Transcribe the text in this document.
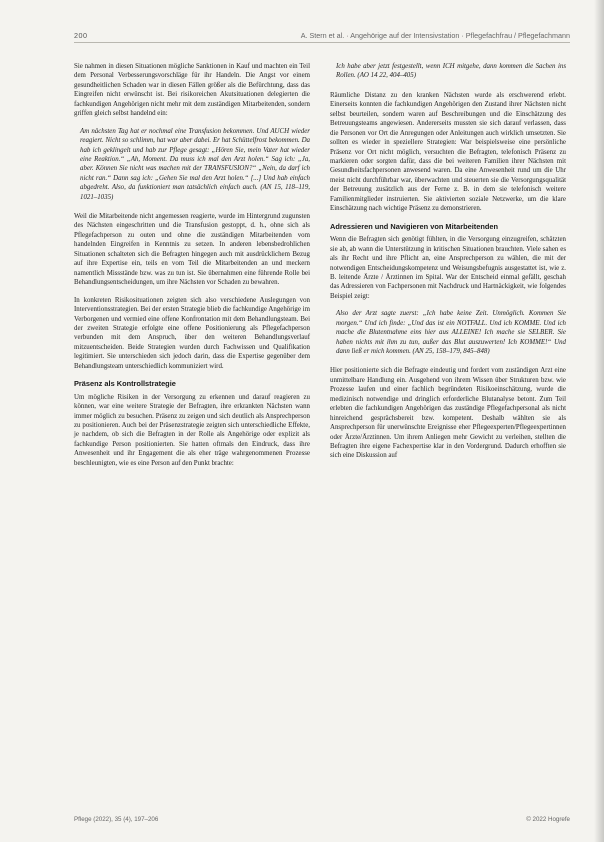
200	A. Stern et al. · Angehörige auf der Intensivstation · Pflegefachfrau / Pflegefachmann

Sie nahmen in diesen Situationen mögliche Sanktionen in Kauf und machten ein Teil dem Personal Verbesserungsvorschläge für ihr Handeln. Die Angst vor einem gesundheitlichen Schaden war in diesen Fällen größer als die Befürchtung, dass das Eingreifen nicht erwünscht ist. Bei risikoreichen Akutsituationen delegierten die fachkundigen Angehörigen nicht mehr mit dem zuständigen Mitarbeitenden, sondern griffen gleich selbst handelnd ein:

Am nächsten Tag hat er nochmal eine Transfusion bekommen. Und AUCH wieder reagiert. Nicht so schlimm, hat war aber dabei. Er hat Schüttelfrost bekommen. Da hab ich geklingelt und hab zur Pflege gesagt: „Hören Sie, mein Vater hat wieder eine Reaktion.“ „Ah, Moment. Da muss ich mal den Arzt holen.“ Sag ich: „Ja, aber. Können Sie nicht was machen mit der TRANSFUSION?“ „Nein, da darf ich nicht ran.“ Dann sag ich: „Gehen Sie mal den Arzt holen.“ [...] Und hab einfach abgedreht. Also, da funktioniert man tatsächlich einfach auch. (AN 15, 118–119, 1021–1035)

Weil die Mitarbeitende nicht angemessen reagierte, wurde im Hintergrund zugunsten des Nächsten eingeschritten und die Transfusion gestoppt, d. h., ohne sich als Pflegefachperson zu outen und ohne die zuständigen Mitarbeitenden vom handelnden Eingreifen in Kenntnis zu setzen. In anderen lebensbedrohlichen Situationen schalteten sich die Befragten hingegen auch mit ausdrücklichem Bezug auf ihre Expertise ein, teils en vom Teil die Mitarbeitenden an und meckern namentlich Missstände bzw. was zu tun ist. Sie übernahmen eine führende Rolle bei Behandlungsentscheidungen, um ihre Nächsten vor Schaden zu bewahren.

In konkreten Risikosituationen zeigten sich also verschiedene Auslegungen von Interventionsstrategien. Bei der ersten Strategie blieb die fachkundige Angehörige im Verborgenen und vermied eine offene Konfrontation mit dem Behandlungsteam. Bei der zweiten Strategie erfolgte eine offene Positionierung als Pflegefachperson verbunden mit dem Anspruch, über den weiteren Behandlungsverlauf mitzuentscheiden. Beide Strategien wurden durch Fachwissen und Qualifikation legitimiert. Sie unterschieden sich jedoch darin, dass die Expertise gegenüber dem Behandlungsteam unterschiedlich kommuniziert wird.

Präsenz als Kontrollstrategie

Um mögliche Risiken in der Versorgung zu erkennen und darauf reagieren zu können, war eine weitere Strategie der Befragten, ihre erkrankten Nächsten wann immer möglich zu besuchen. Präsenz zu zeigen und sich deutlich als Ansprechperson zu positionieren. Auch bei der Präsenzstrategie zeigten sich unterschiedliche Effekte, je nachdem, ob sich die Befragten in der Rolle als Angehörige oder explizit als fachkundige Person positionierten. Sie hatten oftmals den Eindruck, dass ihre Anwesenheit und ihr Engagement die als eher träge wahrgenommenen Prozesse beschleunigten, wie es eine Person auf den Punkt brachte:

Ich habe aber jetzt festgestellt, wenn ICH mitgehe, dann kommen die Sachen ins Rollen. (AO 14 22, 404–405)

Räumliche Distanz zu den kranken Nächsten wurde als erschwerend erlebt. Einerseits konnten die fachkundigen Angehörigen den Zustand ihrer Nächsten nicht selbst beurteilen, sondern waren auf Beschreibungen und die Einschätzung des Betreuungsteams angewiesen. Andererseits mussten sie sich darauf verlassen, dass die Personen vor Ort die Anregungen oder Anleitungen auch wirklich umsetzten. Sie sollten es wieder in speziellere Strategien: War beispielsweise eine persönliche Präsenz vor Ort nicht möglich, versuchten die Befragten, telefonisch Präsenz zu markieren oder sorgten dafür, dass die bei weiteren Familien ihrer Nächsten mit Gesundheitsfachpersonen anwesend waren. Da eine Anwesenheit rund um die Uhr meist nicht durchführbar war, überwachten und steuerten sie die Versorgungsqualität der Betreuung zusätzlich aus der Ferne z. B. in dem sie telefonisch weitere Familienmitglieder instruierten. Sie aktivierten soziale Netzwerke, um die klare Einschätzung nach wichtige Präsenz zu demonstrieren.

Adressieren und Navigieren von Mitarbeitenden

Wenn die Befragten sich genötigt fühlten, in die Versorgung einzugreifen, schätzten sie ab, ab wann die Unterstützung in kritischen Situationen brauchten. Viele sahen es als ihr Recht und ihre Pflicht an, eine Ansprechperson zu wählen, die mit der notwendigen Entscheidungskompetenz und Weisungsbefugnis ausgestattet ist, wie z. B. leitende Ärzte / Ärztinnen im Spital. War der Entscheid einmal gefällt, geschah das Adressieren von Fachpersonen mit Nachdruck und Hartnäckigkeit, wie folgendes Beispiel zeigt:

Also der Arzt sagte zuerst: „Ich habe keine Zeit. Unmöglich. Kommen Sie morgen.“ Und ich finde: „Und das ist ein NOTFALL. Und ich KOMME. Und ich mache die Blutentnahme eins hier aus ALLEINE! Ich mache sie SELBER. Sie haben nichts mit ihm zu tun, außer das Blut auszuwerten! Ich KOMME!“ Und dann ließ er mich kommen. (AN 25, 158–179, 845–848)

Hier positionierte sich die Befragte eindeutig und fordert vom zuständigen Arzt eine unmittelbare Handlung ein. Ausgehend von ihrem Wissen über Strukturen bzw. wie Prozesse laufen und einer fachlich begründeten Risikoeinschätzung, wurde die medizinisch notwendige und dringlich erforderliche Blutanalyse betont. Zum Teil erlebten die fachkundigen Angehörigen das zuständige Pflegefachpersonal als nicht hinreichend gesprächsbereit bzw. kompetent. Deshalb wählten sie als Ansprechperson für unerwünschte Ereignisse eher Pflegeexperten/Pflegeexpertinnen oder Ärzte/Ärztinnen. Um ihrem Anliegen mehr Gewicht zu verleihen, stellten die Befragten ihre eigene Fachexpertise klar in den Vordergrund. Dadurch erhofften sie sich eine Diskussion auf

Pflege (2022), 35 (4), 197–206	© 2022 Hogrefe
